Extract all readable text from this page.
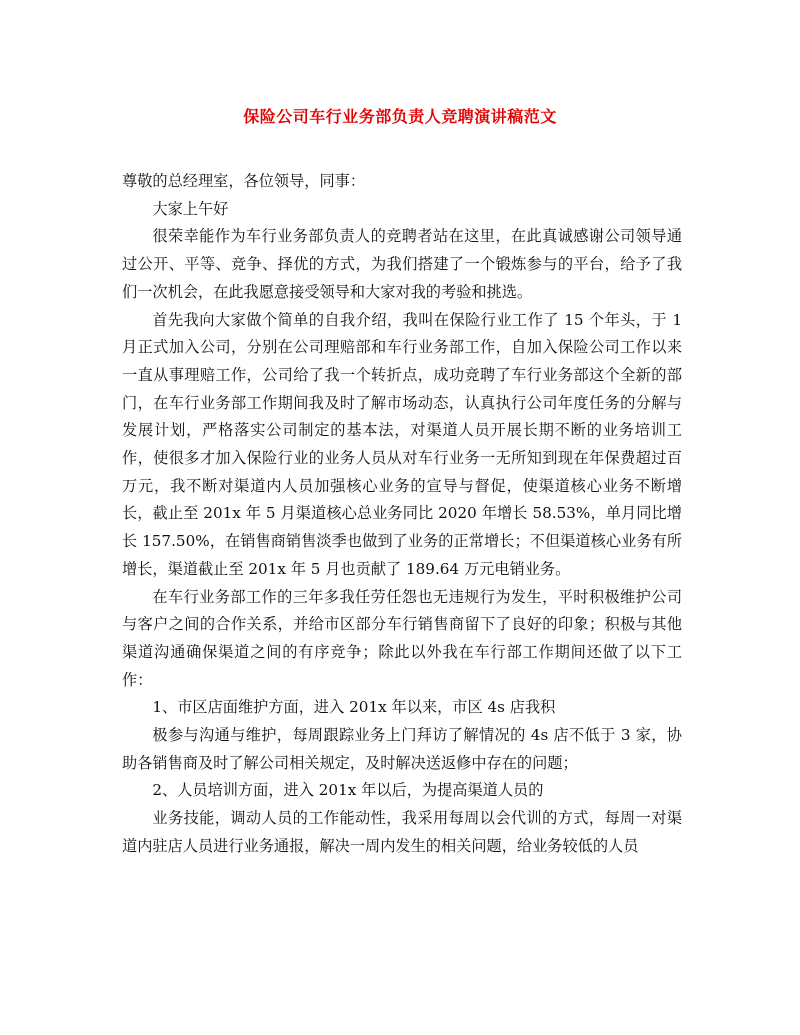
保险公司车行业务部负责人竞聘演讲稿范文

尊敬的总经理室，各位领导，同事：

大家上午好

很荣幸能作为车行业务部负责人的竞聘者站在这里，在此真诚感谢公司领导通过公开、平等、竞争、择优的方式，为我们搭建了一个锻炼参与的平台，给予了我们一次机会，在此我愿意接受领导和大家对我的考验和挑选。

首先我向大家做个简单的自我介绍，我叫在保险行业工作了 15 个年头，于 1 月正式加入公司，分别在公司理赔部和车行业务部工作，自加入保险公司工作以来一直从事理赔工作，公司给了我一个转折点，成功竞聘了车行业务部这个全新的部门，在车行业务部工作期间我及时了解市场动态，认真执行公司年度任务的分解与发展计划，严格落实公司制定的基本法，对渠道人员开展长期不断的业务培训工作，使很多才加入保险行业的业务人员从对车行业务一无所知到现在年保费超过百万元，我不断对渠道内人员加强核心业务的宣导与督促，使渠道核心业务不断增长，截止至 201x 年 5 月渠道核心总业务同比 2020 年增长 58.53%，单月同比增长 157.50%，在销售商销售淡季也做到了业务的正常增长；不但渠道核心业务有所增长，渠道截止至 201x 年 5 月也贡献了 189.64 万元电销业务。

在车行业务部工作的三年多我任劳任怨也无违规行为发生，平时积极维护公司与客户之间的合作关系，并给市区部分车行销售商留下了良好的印象；积极与其他渠道沟通确保渠道之间的有序竞争；除此以外我在车行部工作期间还做了以下工作：

1、市区店面维护方面，进入 201x 年以来，市区 4s 店我积

极参与沟通与维护，每周跟踪业务上门拜访了解情况的 4s 店不低于 3 家，协助各销售商及时了解公司相关规定，及时解决送返修中存在的问题；

2、人员培训方面，进入 201x 年以后，为提高渠道人员的

业务技能，调动人员的工作能动性，我采用每周以会代训的方式，每周一对渠道内驻店人员进行业务通报，解决一周内发生的相关问题，给业务较低的人员
